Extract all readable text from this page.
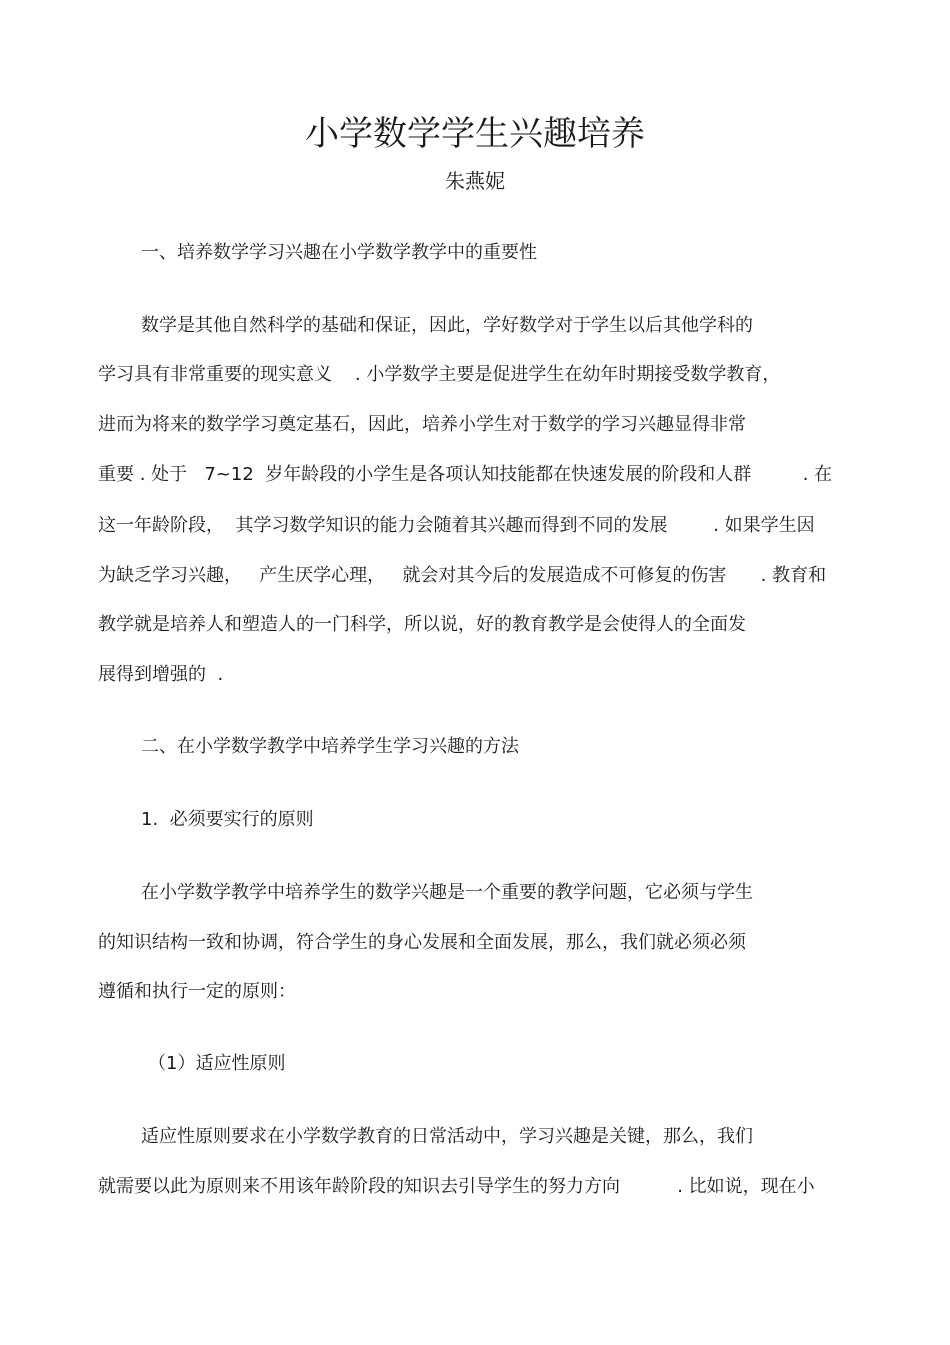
小学数学学生兴趣培养
朱燕妮

一、培养数学学习兴趣在小学数学教学中的重要性

数学是其他自然科学的基础和保证，因此，学好数学对于学生以后其他学科的

学习具有非常重要的现实意义    . 小学数学主要是促进学生在幼年时期接受数学教育，

进而为将来的数学学习奠定基石，因此，培养小学生对于数学的学习兴趣显得非常

重要 . 处于   7~12  岁年龄段的小学生是各项认知技能都在快速发展的阶段和人群         . 在

这一年龄阶段，  其学习数学知识的能力会随着其兴趣而得到不同的发展        . 如果学生因

为缺乏学习兴趣，   产生厌学心理，   就会对其今后的发展造成不可修复的伤害      . 教育和

教学就是培养人和塑造人的一门科学，所以说，好的教育教学是会使得人的全面发

展得到增强的  .

二、在小学数学教学中培养学生学习兴趣的方法

1.  必须要实行的原则

在小学数学教学中培养学生的数学兴趣是一个重要的教学问题，它必须与学生

的知识结构一致和协调，符合学生的身心发展和全面发展，那么，我们就必须必须

遵循和执行一定的原则：

（1）适应性原则

适应性原则要求在小学数学教育的日常活动中，学习兴趣是关键，那么，我们

就需要以此为原则来不用该年龄阶段的知识去引导学生的努力方向          . 比如说，现在小
